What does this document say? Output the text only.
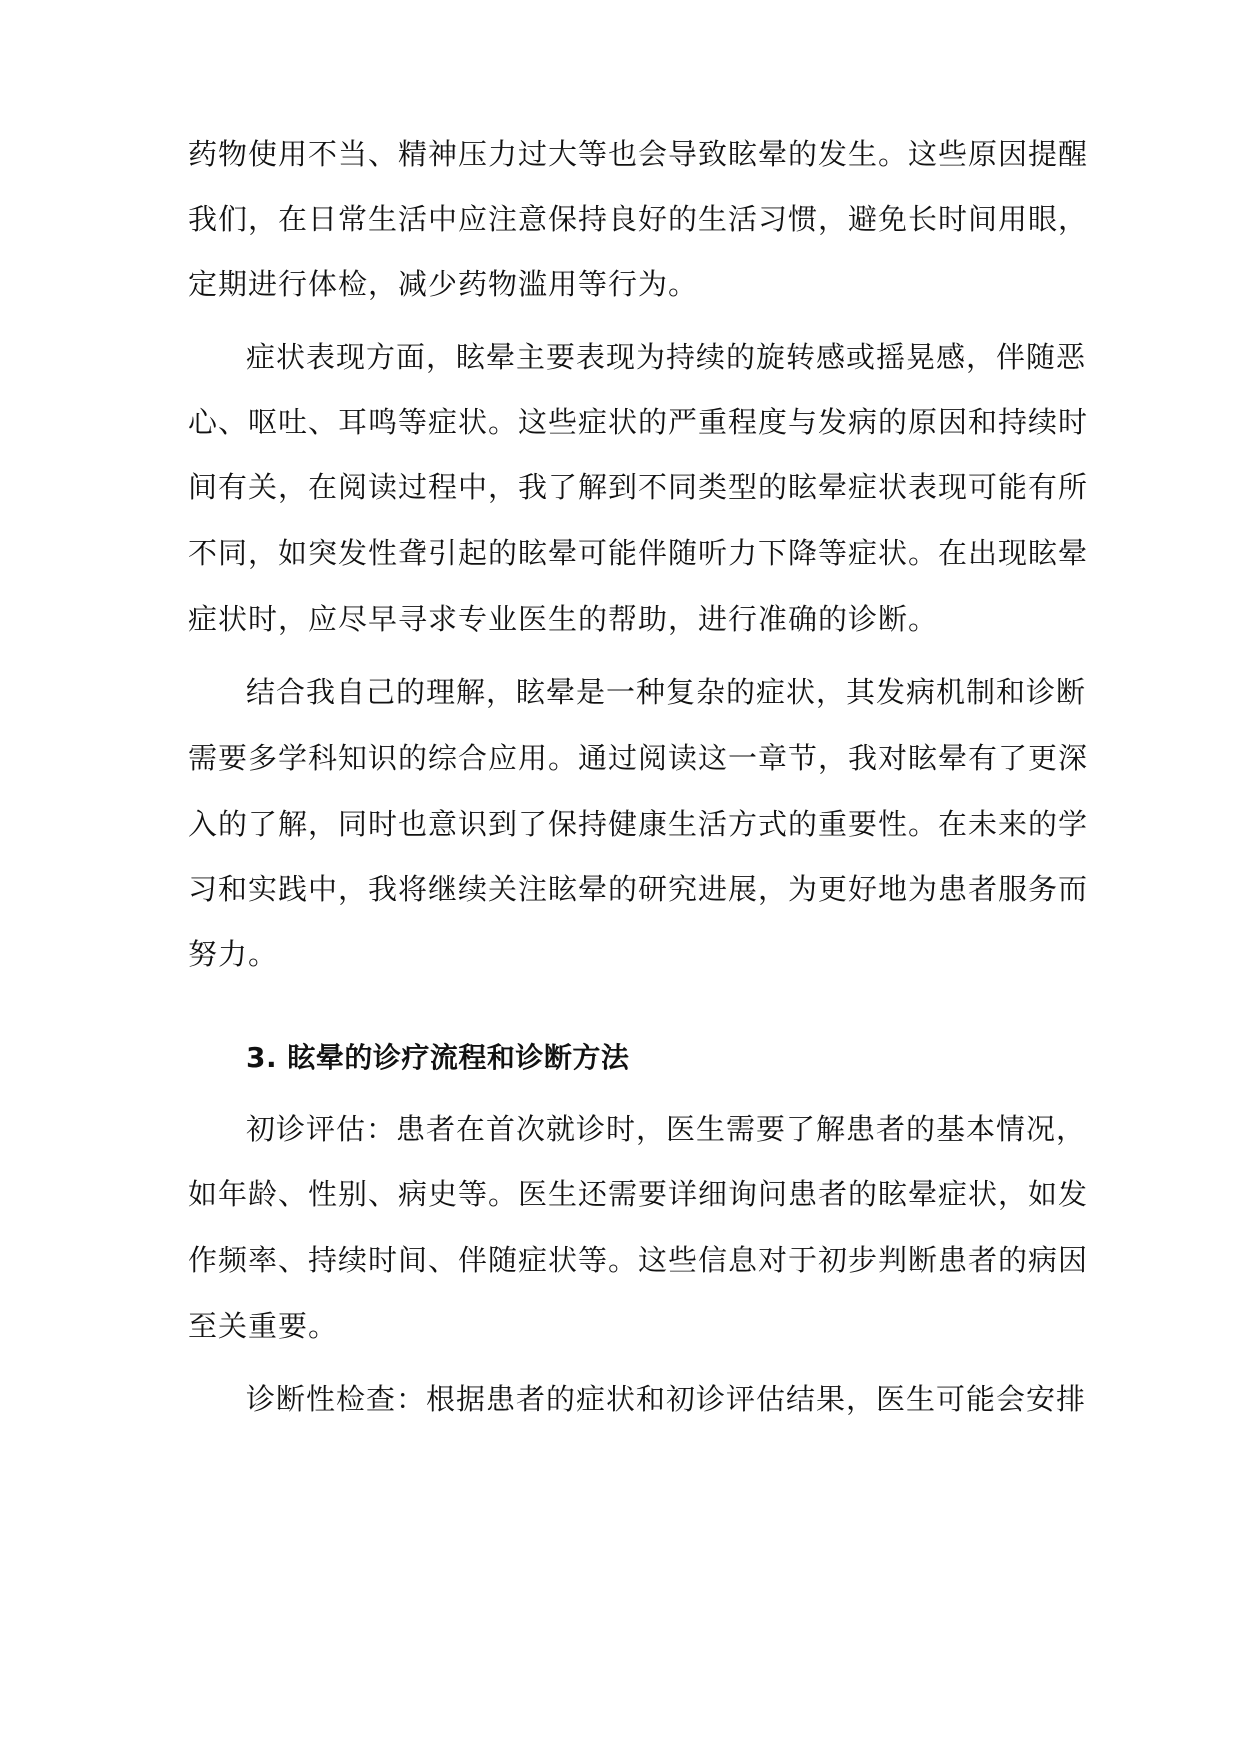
药物使用不当、精神压力过大等也会导致眩晕的发生。这些原因提醒
我们，在日常生活中应注意保持良好的生活习惯，避免长时间用眼，
定期进行体检，减少药物滥用等行为。
症状表现方面，眩晕主要表现为持续的旋转感或摇晃感，伴随恶
心、呕吐、耳鸣等症状。这些症状的严重程度与发病的原因和持续时
间有关，在阅读过程中，我了解到不同类型的眩晕症状表现可能有所
不同，如突发性聋引起的眩晕可能伴随听力下降等症状。在出现眩晕
症状时，应尽早寻求专业医生的帮助，进行准确的诊断。
结合我自己的理解，眩晕是一种复杂的症状，其发病机制和诊断
需要多学科知识的综合应用。通过阅读这一章节，我对眩晕有了更深
入的了解，同时也意识到了保持健康生活方式的重要性。在未来的学
习和实践中，我将继续关注眩晕的研究进展，为更好地为患者服务而
努力。
3. 眩晕的诊疗流程和诊断方法
初诊评估：患者在首次就诊时，医生需要了解患者的基本情况，
如年龄、性别、病史等。医生还需要详细询问患者的眩晕症状，如发
作频率、持续时间、伴随症状等。这些信息对于初步判断患者的病因
至关重要。
诊断性检查：根据患者的症状和初诊评估结果，医生可能会安排
